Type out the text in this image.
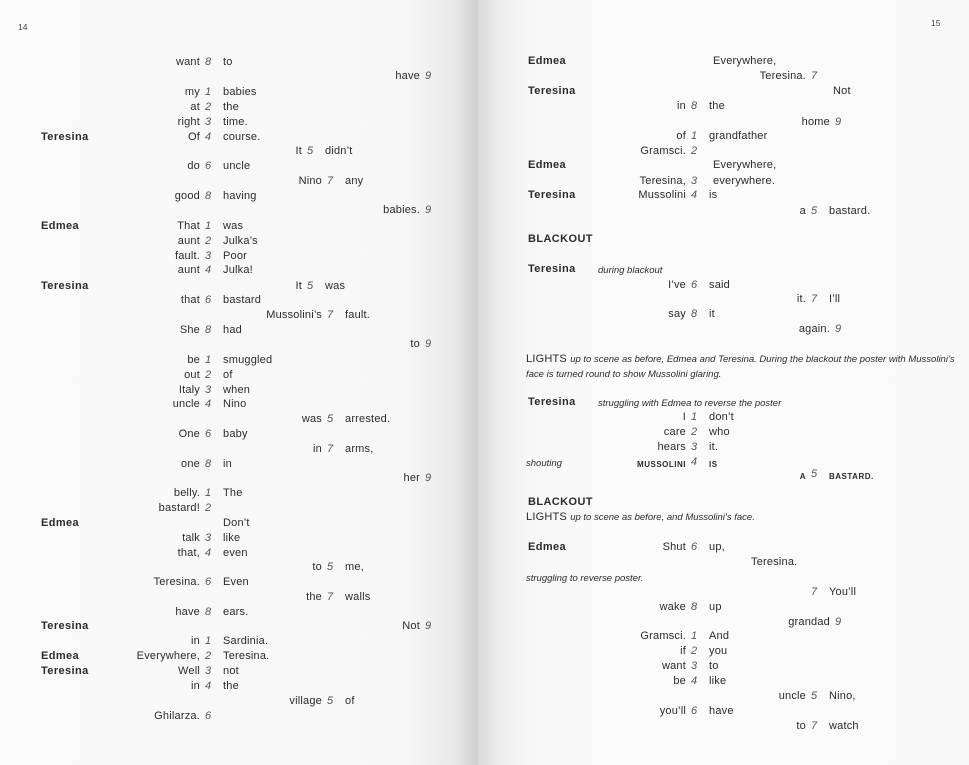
14
want 8 to
have 9
my 1 babies
at 2 the
right 3 time.
Teresina	Of 4 course.
It 5 didn’t
do 6 uncle
Nino 7 any
good 8 having
babies. 9
Edmea	That 1 was
aunt 2 Julka’s
fault. 3 Poor
aunt 4 Julka!
Teresina	It 5 was
that 6 bastard
Mussolini’s 7 fault.
She 8 had
to 9
be 1 smuggled
out 2 of
Italy 3 when
uncle 4 Nino
was 5 arrested.
One 6 baby
in 7 arms,
one 8 in
her 9
belly. 1 The
bastard! 2
Edmea	Don’t
talk 3 like
that, 4 even
to 5 me,
Teresina. 6 Even
the 7 walls
have 8 ears.
Teresina	Not 9
in 1 Sardinia.
Edmea	Everywhere, 2 Teresina.
Teresina	Well 3 not
in 4 the
village 5 of
Ghilarza. 6
15
Edmea	Everywhere,
Teresina. 7
Teresina	Not
in 8 the
home 9
of 1 grandfather
Gramsci. 2
Edmea	Everywhere,
Teresina, 3 everywhere.
Teresina	Mussolini 4 is
a 5 bastard.
BLACKOUT
Teresina during blackout
I’ve 6 said
it. 7 I’ll
say 8 it
again. 9
LIGHTS up to scene as before, Edmea and Teresina. During the blackout the poster with Mussolini’s
face is turned round to show Mussolini glaring.
Teresina struggling with Edmea to reverse the poster
I 1 don’t
care 2 who
hears 3 it.
shouting	MUSSOLINI 4 IS
A 5 BASTARD.
BLACKOUT
LIGHTS up to scene as before, and Mussolini’s face.
Edmea	Shut 6 up,
Teresina.
struggling to reverse poster.
7 You’ll
wake 8 up
grandad 9
Gramsci. 1 And
if 2 you
want 3 to
be 4 like
uncle 5 Nino,
you’ll 6 have
to 7 watch
